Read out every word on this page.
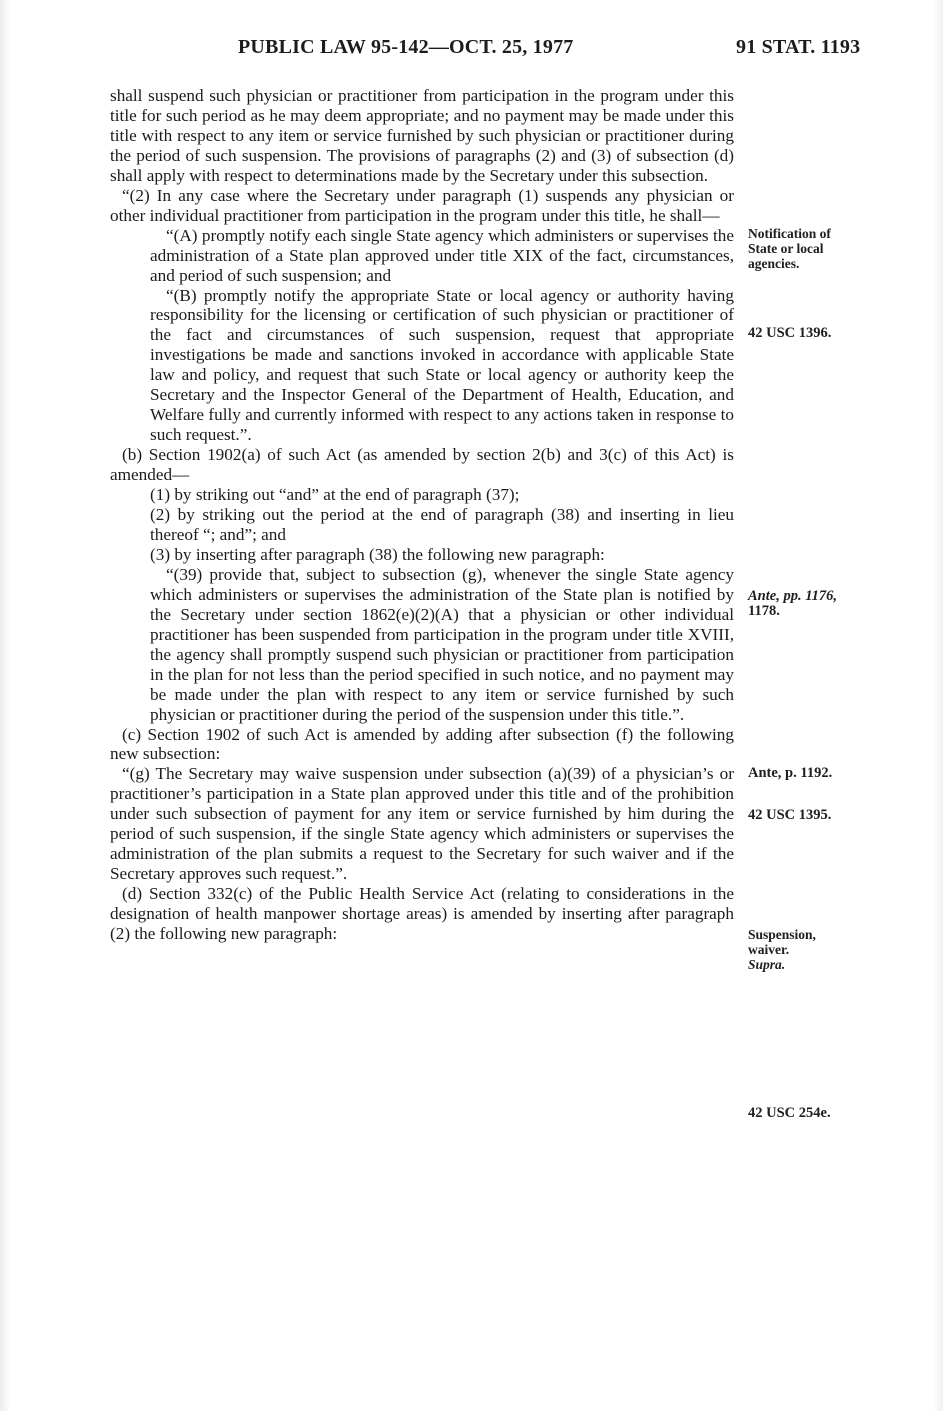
PUBLIC LAW 95-142—OCT. 25, 1977	91 STAT. 1193

shall suspend such physician or practitioner from participation in the program under this title for such period as he may deem appropriate; and no payment may be made under this title with respect to any item or service furnished by such physician or practitioner during the period of such suspension. The provisions of paragraphs (2) and (3) of subsection (d) shall apply with respect to determinations made by the Secretary under this subsection.

“(2) In any case where the Secretary under paragraph (1) suspends any physician or other individual practitioner from participation in the program under this title, he shall—

“(A) promptly notify each single State agency which administers or supervises the administration of a State plan approved under title XIX of the fact, circumstances, and period of such suspension; and

“(B) promptly notify the appropriate State or local agency or authority having responsibility for the licensing or certification of such physician or practitioner of the fact and circumstances of such suspension, request that appropriate investigations be made and sanctions invoked in accordance with applicable State law and policy, and request that such State or local agency or authority keep the Secretary and the Inspector General of the Department of Health, Education, and Welfare fully and currently informed with respect to any actions taken in response to such request.”.

(b) Section 1902(a) of such Act (as amended by section 2(b) and 3(c) of this Act) is amended—

(1) by striking out “and” at the end of paragraph (37);

(2) by striking out the period at the end of paragraph (38) and inserting in lieu thereof “; and”; and

(3) by inserting after paragraph (38) the following new paragraph:

“(39) provide that, subject to subsection (g), whenever the single State agency which administers or supervises the administration of the State plan is notified by the Secretary under section 1862(e)(2)(A) that a physician or other individual practitioner has been suspended from participation in the program under title XVIII, the agency shall promptly suspend such physician or practitioner from participation in the plan for not less than the period specified in such notice, and no payment may be made under the plan with respect to any item or service furnished by such physician or practitioner during the period of the suspension under this title.”.

(c) Section 1902 of such Act is amended by adding after subsection (f) the following new subsection:

“(g) The Secretary may waive suspension under subsection (a)(39) of a physician’s or practitioner’s participation in a State plan approved under this title and of the prohibition under such subsection of payment for any item or service furnished by him during the period of such suspension, if the single State agency which administers or supervises the administration of the plan submits a request to the Secretary for such waiver and if the Secretary approves such request.”.

(d) Section 332(c) of the Public Health Service Act (relating to considerations in the designation of health manpower shortage areas) is amended by inserting after paragraph (2) the following new paragraph:

Notification of
State or local
agencies.
42 USC 1396.
Ante, pp. 1176,
1178.
Ante, p. 1192.
42 USC 1395.
Suspension,
waiver.
Supra.
42 USC 254e.
